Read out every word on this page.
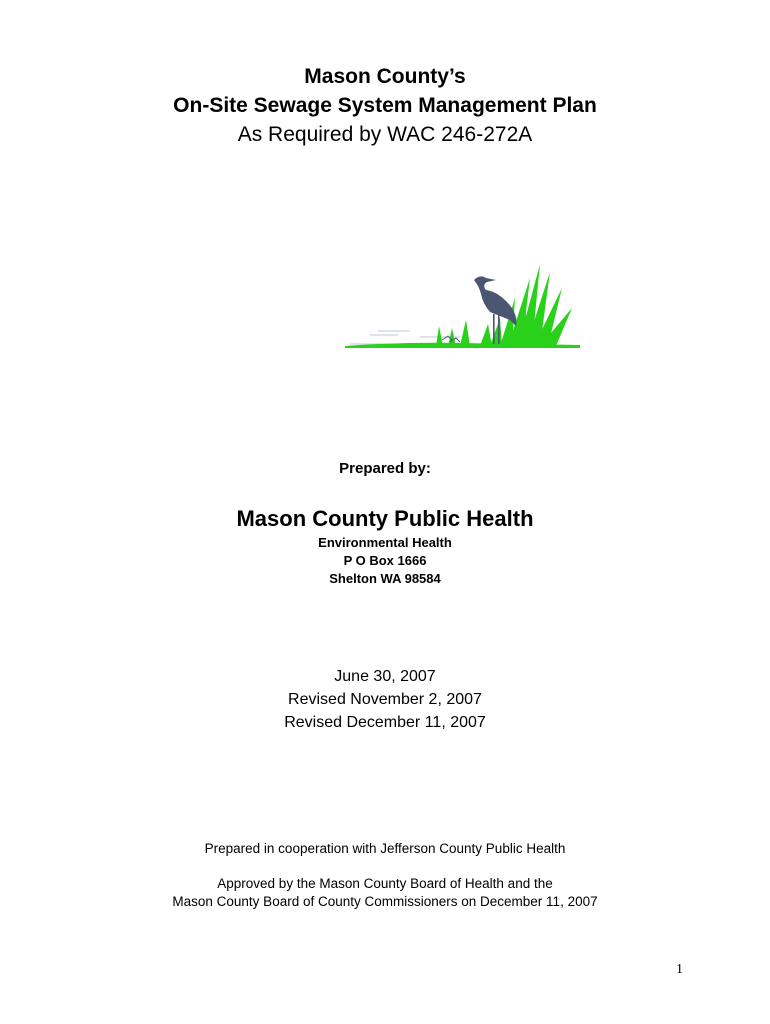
Mason County’s
On-Site Sewage System Management Plan
As Required by WAC 246-272A
Prepared by:
Mason County Public Health
Environmental Health
P O Box 1666
Shelton WA 98584
June 30, 2007
Revised November 2, 2007
Revised December 11, 2007
Prepared in cooperation with Jefferson County Public Health
Approved by the Mason County Board of Health and the
Mason County Board of County Commissioners on December 11, 2007
1
